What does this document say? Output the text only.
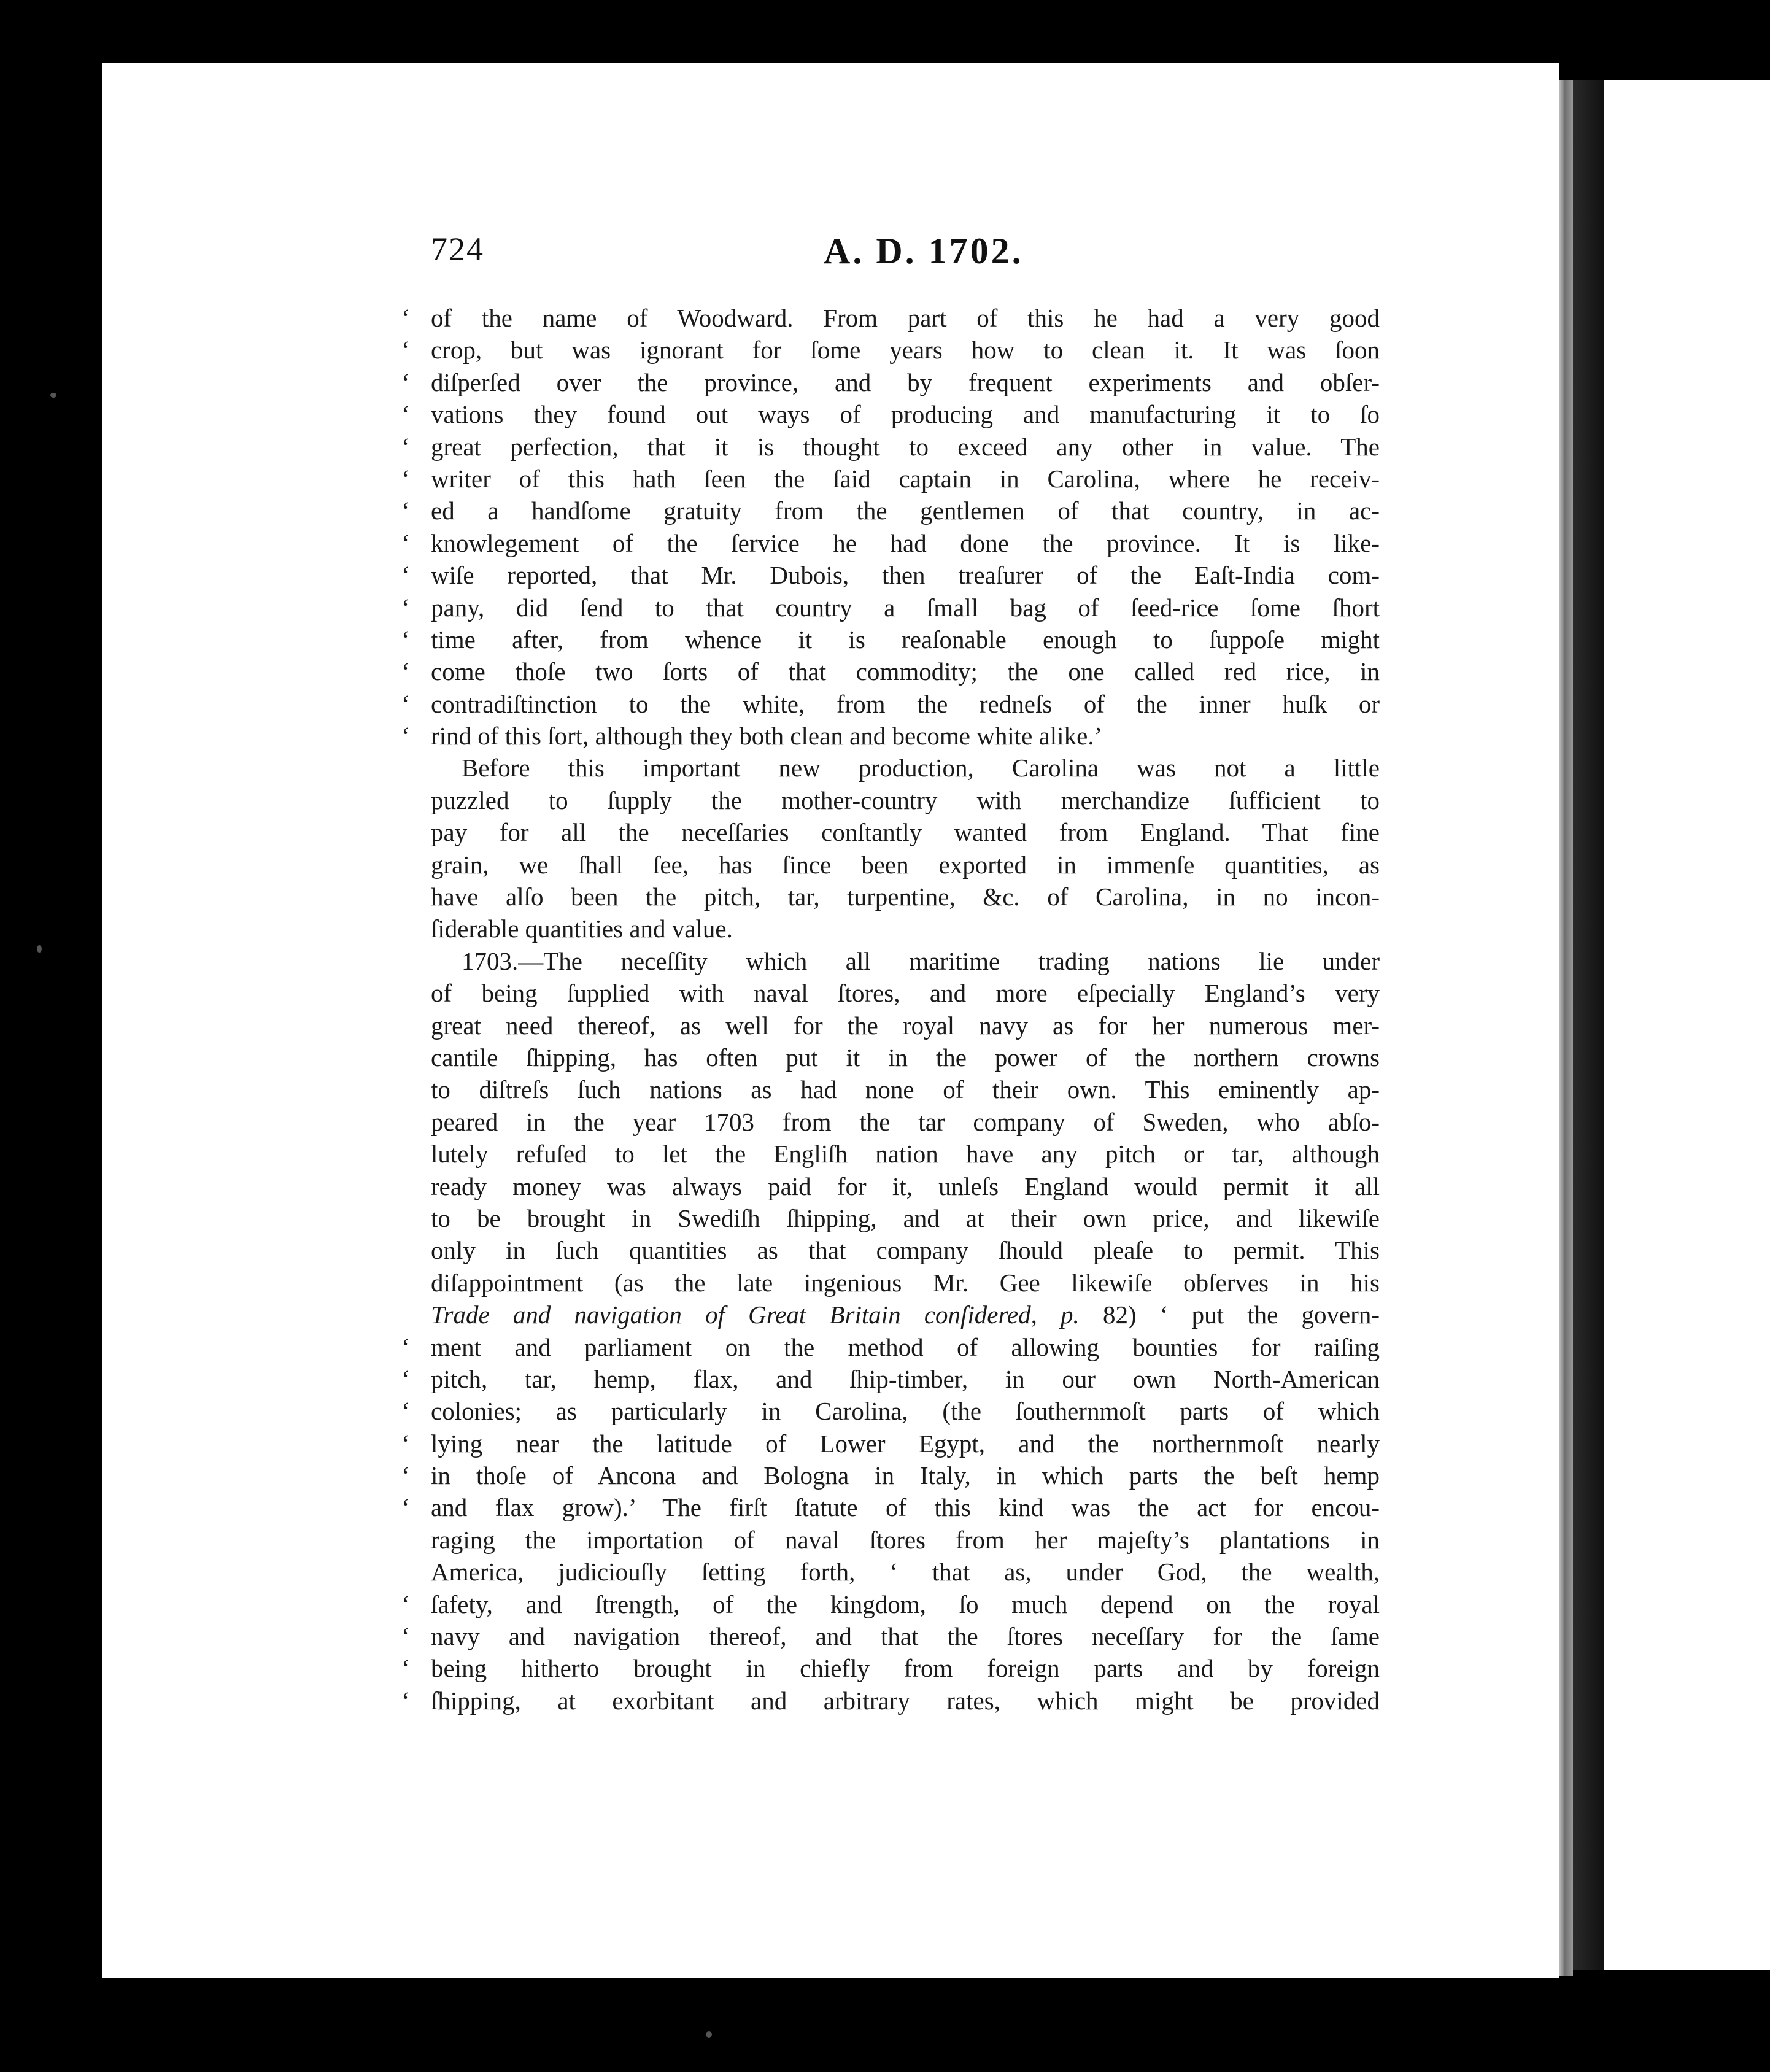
724	A. D. 1702.
‘ of the name of Woodward. From part of this he had a very good
‘ crop, but was ignorant for ſome years how to clean it. It was ſoon
‘ diſperſed over the province, and by frequent experiments and obſer-
‘ vations they found out ways of producing and manufacturing it to ſo
‘ great perfection, that it is thought to exceed any other in value. The
‘ writer of this hath ſeen the ſaid captain in Carolina, where he receiv-
‘ ed a handſome gratuity from the gentlemen of that country, in ac-
‘ knowlegement of the ſervice he had done the province. It is like-
‘ wiſe reported, that Mr. Dubois, then treaſurer of the Eaſt-India com-
‘ pany, did ſend to that country a ſmall bag of ſeed-rice ſome ſhort
‘ time after, from whence it is reaſonable enough to ſuppoſe might
‘ come thoſe two ſorts of that commodity; the one called red rice, in
‘ contradiſtinction to the white, from the redneſs of the inner huſk or
‘ rind of this ſort, although they both clean and become white alike.’
Before this important new production, Carolina was not a little
puzzled to ſupply the mother-country with merchandize ſufficient to
pay for all the neceſſaries conſtantly wanted from England. That fine
grain, we ſhall ſee, has ſince been exported in immenſe quantities, as
have alſo been the pitch, tar, turpentine, &c. of Carolina, in no incon-
ſiderable quantities and value.
1703.—The neceſſity which all maritime trading nations lie under
of being ſupplied with naval ſtores, and more eſpecially England’s very
great need thereof, as well for the royal navy as for her numerous mer-
cantile ſhipping, has often put it in the power of the northern crowns
to diſtreſs ſuch nations as had none of their own. This eminently ap-
peared in the year 1703 from the tar company of Sweden, who abſo-
lutely refuſed to let the Engliſh nation have any pitch or tar, although
ready money was always paid for it, unleſs England would permit it all
to be brought in Swediſh ſhipping, and at their own price, and likewiſe
only in ſuch quantities as that company ſhould pleaſe to permit. This
diſappointment (as the late ingenious Mr. Gee likewiſe obſerves in his
Trade and navigation of Great Britain conſidered, p. 82) ‘ put the govern-
‘ ment and parliament on the method of allowing bounties for raiſing
‘ pitch, tar, hemp, flax, and ſhip-timber, in our own North-American
‘ colonies; as particularly in Carolina, (the ſouthernmoſt parts of which
‘ lying near the latitude of Lower Egypt, and the northernmoſt nearly
‘ in thoſe of Ancona and Bologna in Italy, in which parts the beſt hemp
‘ and flax grow).’ The firſt ſtatute of this kind was the act for encou-
raging the importation of naval ſtores from her majeſty’s plantations in
America, judiciouſly ſetting forth, ‘ that as, under God, the wealth,
‘ ſafety, and ſtrength, of the kingdom, ſo much depend on the royal
‘ navy and navigation thereof, and that the ſtores neceſſary for the ſame
‘ being hitherto brought in chiefly from foreign parts and by foreign
‘ ſhipping, at exorbitant and arbitrary rates, which might be provided
